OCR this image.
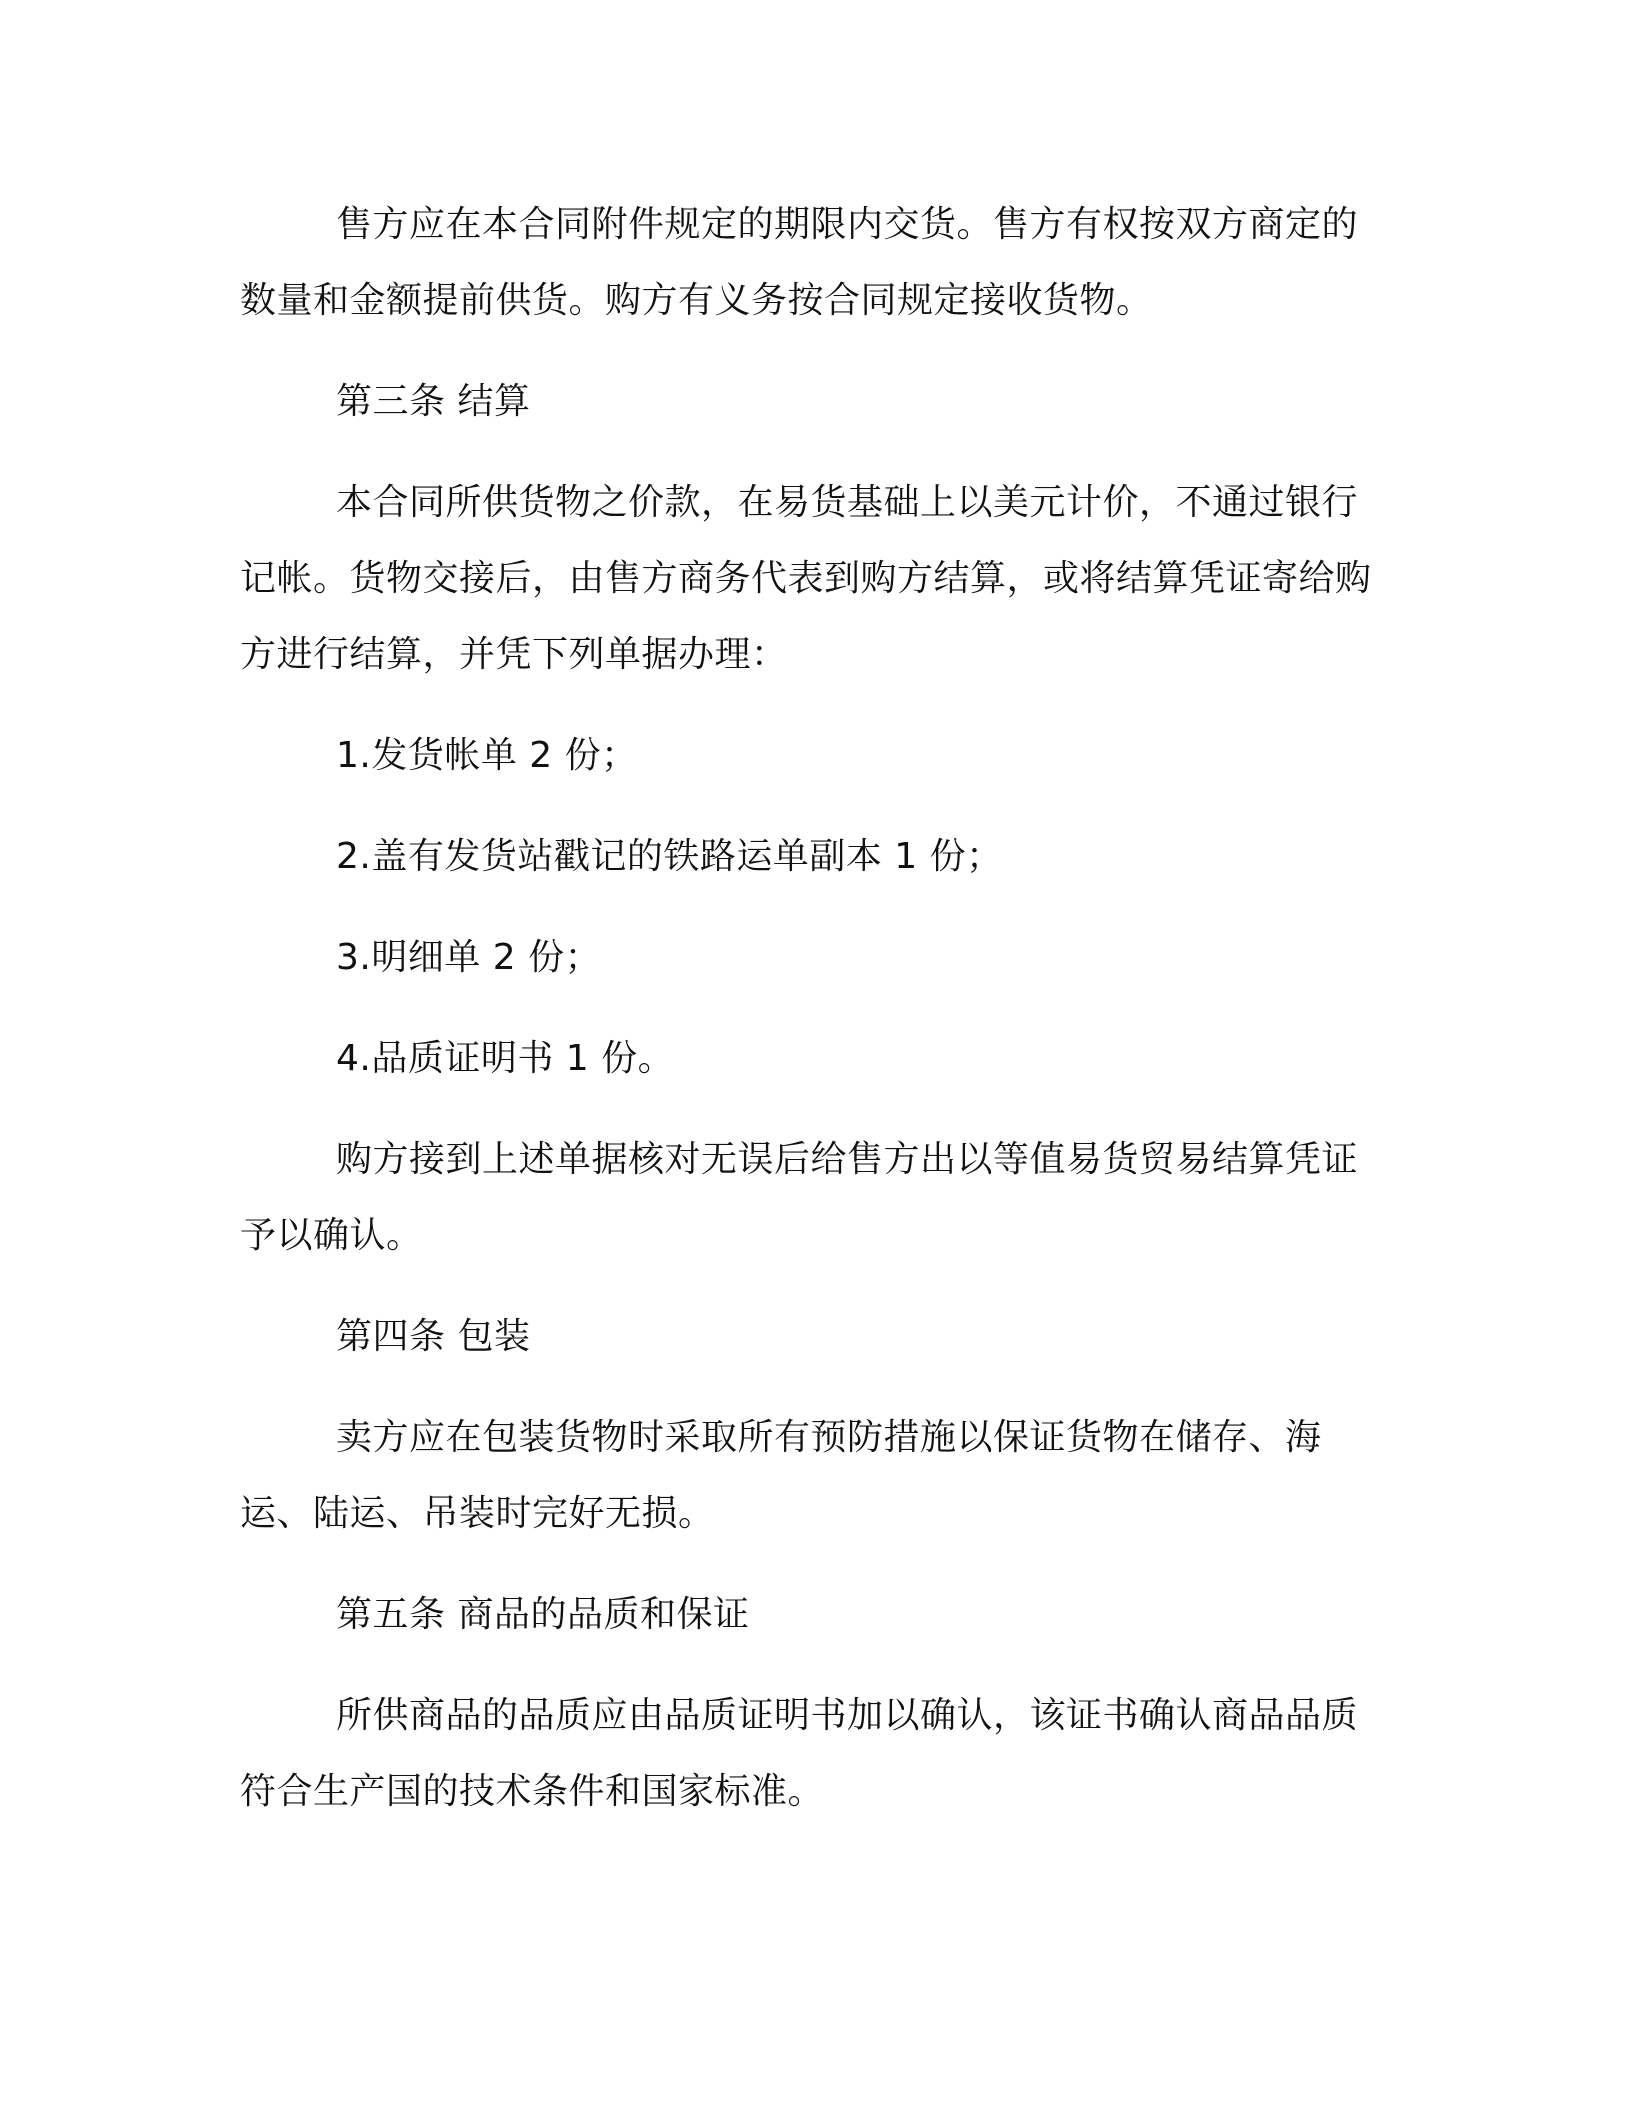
售方应在本合同附件规定的期限内交货。售方有权按双方商定的数量和金额提前供货。购方有义务按合同规定接收货物。

第三条 结算

本合同所供货物之价款，在易货基础上以美元计价，不通过银行记帐。货物交接后，由售方商务代表到购方结算，或将结算凭证寄给购方进行结算，并凭下列单据办理：

1.发货帐单 2 份；

2.盖有发货站戳记的铁路运单副本 1 份；

3.明细单 2 份；

4.品质证明书 1 份。

购方接到上述单据核对无误后给售方出以等值易货贸易结算凭证予以确认。

第四条 包装

卖方应在包装货物时采取所有预防措施以保证货物在储存、海运、陆运、吊装时完好无损。

第五条 商品的品质和保证

所供商品的品质应由品质证明书加以确认，该证书确认商品品质符合生产国的技术条件和国家标准。
